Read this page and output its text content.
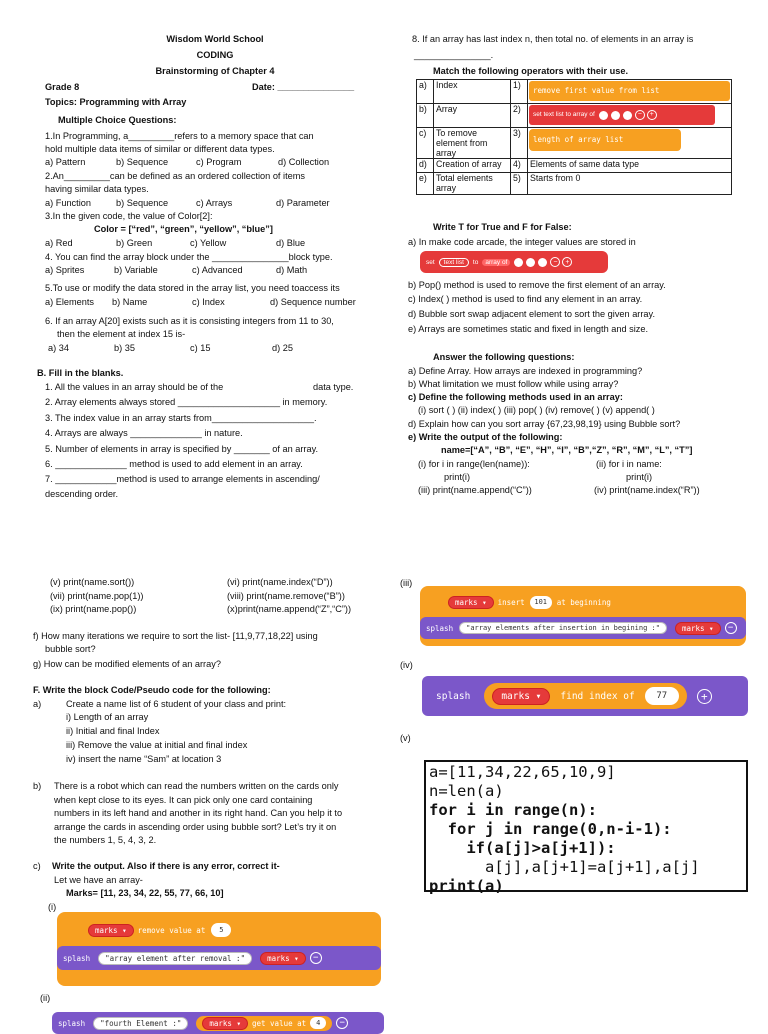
Wisdom World School
CODING
Brainstorming of Chapter 4
Grade 8	Date: _______________
Topics: Programming with Array
Multiple Choice Questions:
1.In Programming, a_________refers to a memory space that can
hold multiple data items of similar or different data types.
a) Pattern	b) Sequence	c) Program	d) Collection
2.An_________can be defined as an ordered collection of items
having similar data types.
a) Function	b) Sequence	c) Arrays	d) Parameter
3.In the given code, the value of Color[2]:
Color = [“red”, “green”, “yellow”, “blue”]
a) Red	b) Green	c) Yellow	d) Blue
4. You can find the array block under the _______________block type.
a) Sprites	b) Variable	c) Advanced	d) Math
5.To use or modify the data stored in the array list, you need toaccess its
a) Elements b) Name	c) Index	d) Sequence number
6. If an array A[20] exists such as it is consisting integers from 11 to 30,
then the element at index 15 is-
a) 34	b) 35	c) 15	d) 25
B. Fill in the blanks.
1. All the values in an array should be of the	data type.
2. Array elements always stored ____________________ in memory.
3. The index value in an array starts from____________________.
4. Arrays are always ______________ in nature.
5. Number of elements in array is specified by _______ of an array.
6. ______________ method is used to add element in an array.
7. ____________method is used to arrange elements in ascending/
descending order.
8. If an array has last index n, then total no. of elements in an array is
_______________.
Match the following operators with their use.
a)	Index	1)	remove first value from list

b)	Array	2)	set text list to array of − +

c)	To remove element from array	3)	length of array list

d)	Creation of array	4)	Elements of same data type
e)	Total elements array	5)	Starts from 0
Write T for True and F for False:
a) In make code arcade, the integer values are stored in
set	text list	to	array of	−	+
b) Pop() method is used to remove the first element of an array.
c) Index( ) method is used to find any element in an array.
d) Bubble sort swap adjacent element to sort the given array.
e) Arrays are sometimes static and fixed in length and size.
Answer the following questions:
a) Define Array. How arrays are indexed in programming?
b) What limitation we must follow while using array?
c) Define the following methods used in an array:
(i) sort ( ) (ii) index( ) (iii) pop( ) (iv) remove( ) (v) append( )
d) Explain how can you sort array {67,23,98,19} using Bubble sort?
e) Write the output of the following:
name=[“A”, “B”, “E”, “H”, “I”, “B”,“Z”, “R”, “M”, “L”, “T”]
(i) for i in range(len(name)):	(ii) for i in name:
print(i)	print(i)
(iii) print(name.append(“C”))	(iv) print(name.index(“R”))
(v) print(name.sort())	(vi) print(name.index(“D”))
(vii) print(name.pop(1))	(viii) print(name.remove(“B”))
(ix) print(name.pop())	(x)print(name.append(“Z”,“C”))
f) How many iterations we require to sort the list- [11,9,77,18,22] using
bubble sort?
g) How can be modified elements of an array?
F. Write the block Code/Pseudo code for the following:
a)	Create a name list of 6 student of your class and print:
i) Length of an array
ii) Initial and final Index
iii) Remove the value at initial and final index
iv) insert the name “Sam” at location 3
b) There is a robot which can read the numbers written on the cards only
when kept close to its eyes. It can pick only one card containing
numbers in its left hand and another in its right hand. Can you help it to
arrange the cards in ascending order using bubble sort? Let’s try it on
the numbers 1, 5, 4, 3, 2.
c) Write the output. Also if there is any error, correct it-
Let we have an array-
Marks= [11, 23, 34, 22, 55, 77, 66, 10]
(i)
marks ▾	remove value at	5
splash	" array element after removal : "	marks ▾	−
(ii)
splash	" fourth Element : "	marks ▾	get value at	4	−
(iii)
marks ▾	insert	101	at beginning
splash	" array elements after insertion in begining : "	marks ▾	−
(iv)
splash	marks ▾	find index of	77	+
(v)
a=[11,34,22,65,10,9]
n=len(a)
for i in range(n):
for j in range(0,n-i-1):
if(a[j]>a[j+1]):
a[j],a[j+1]=a[j+1],a[j]
print(a)
